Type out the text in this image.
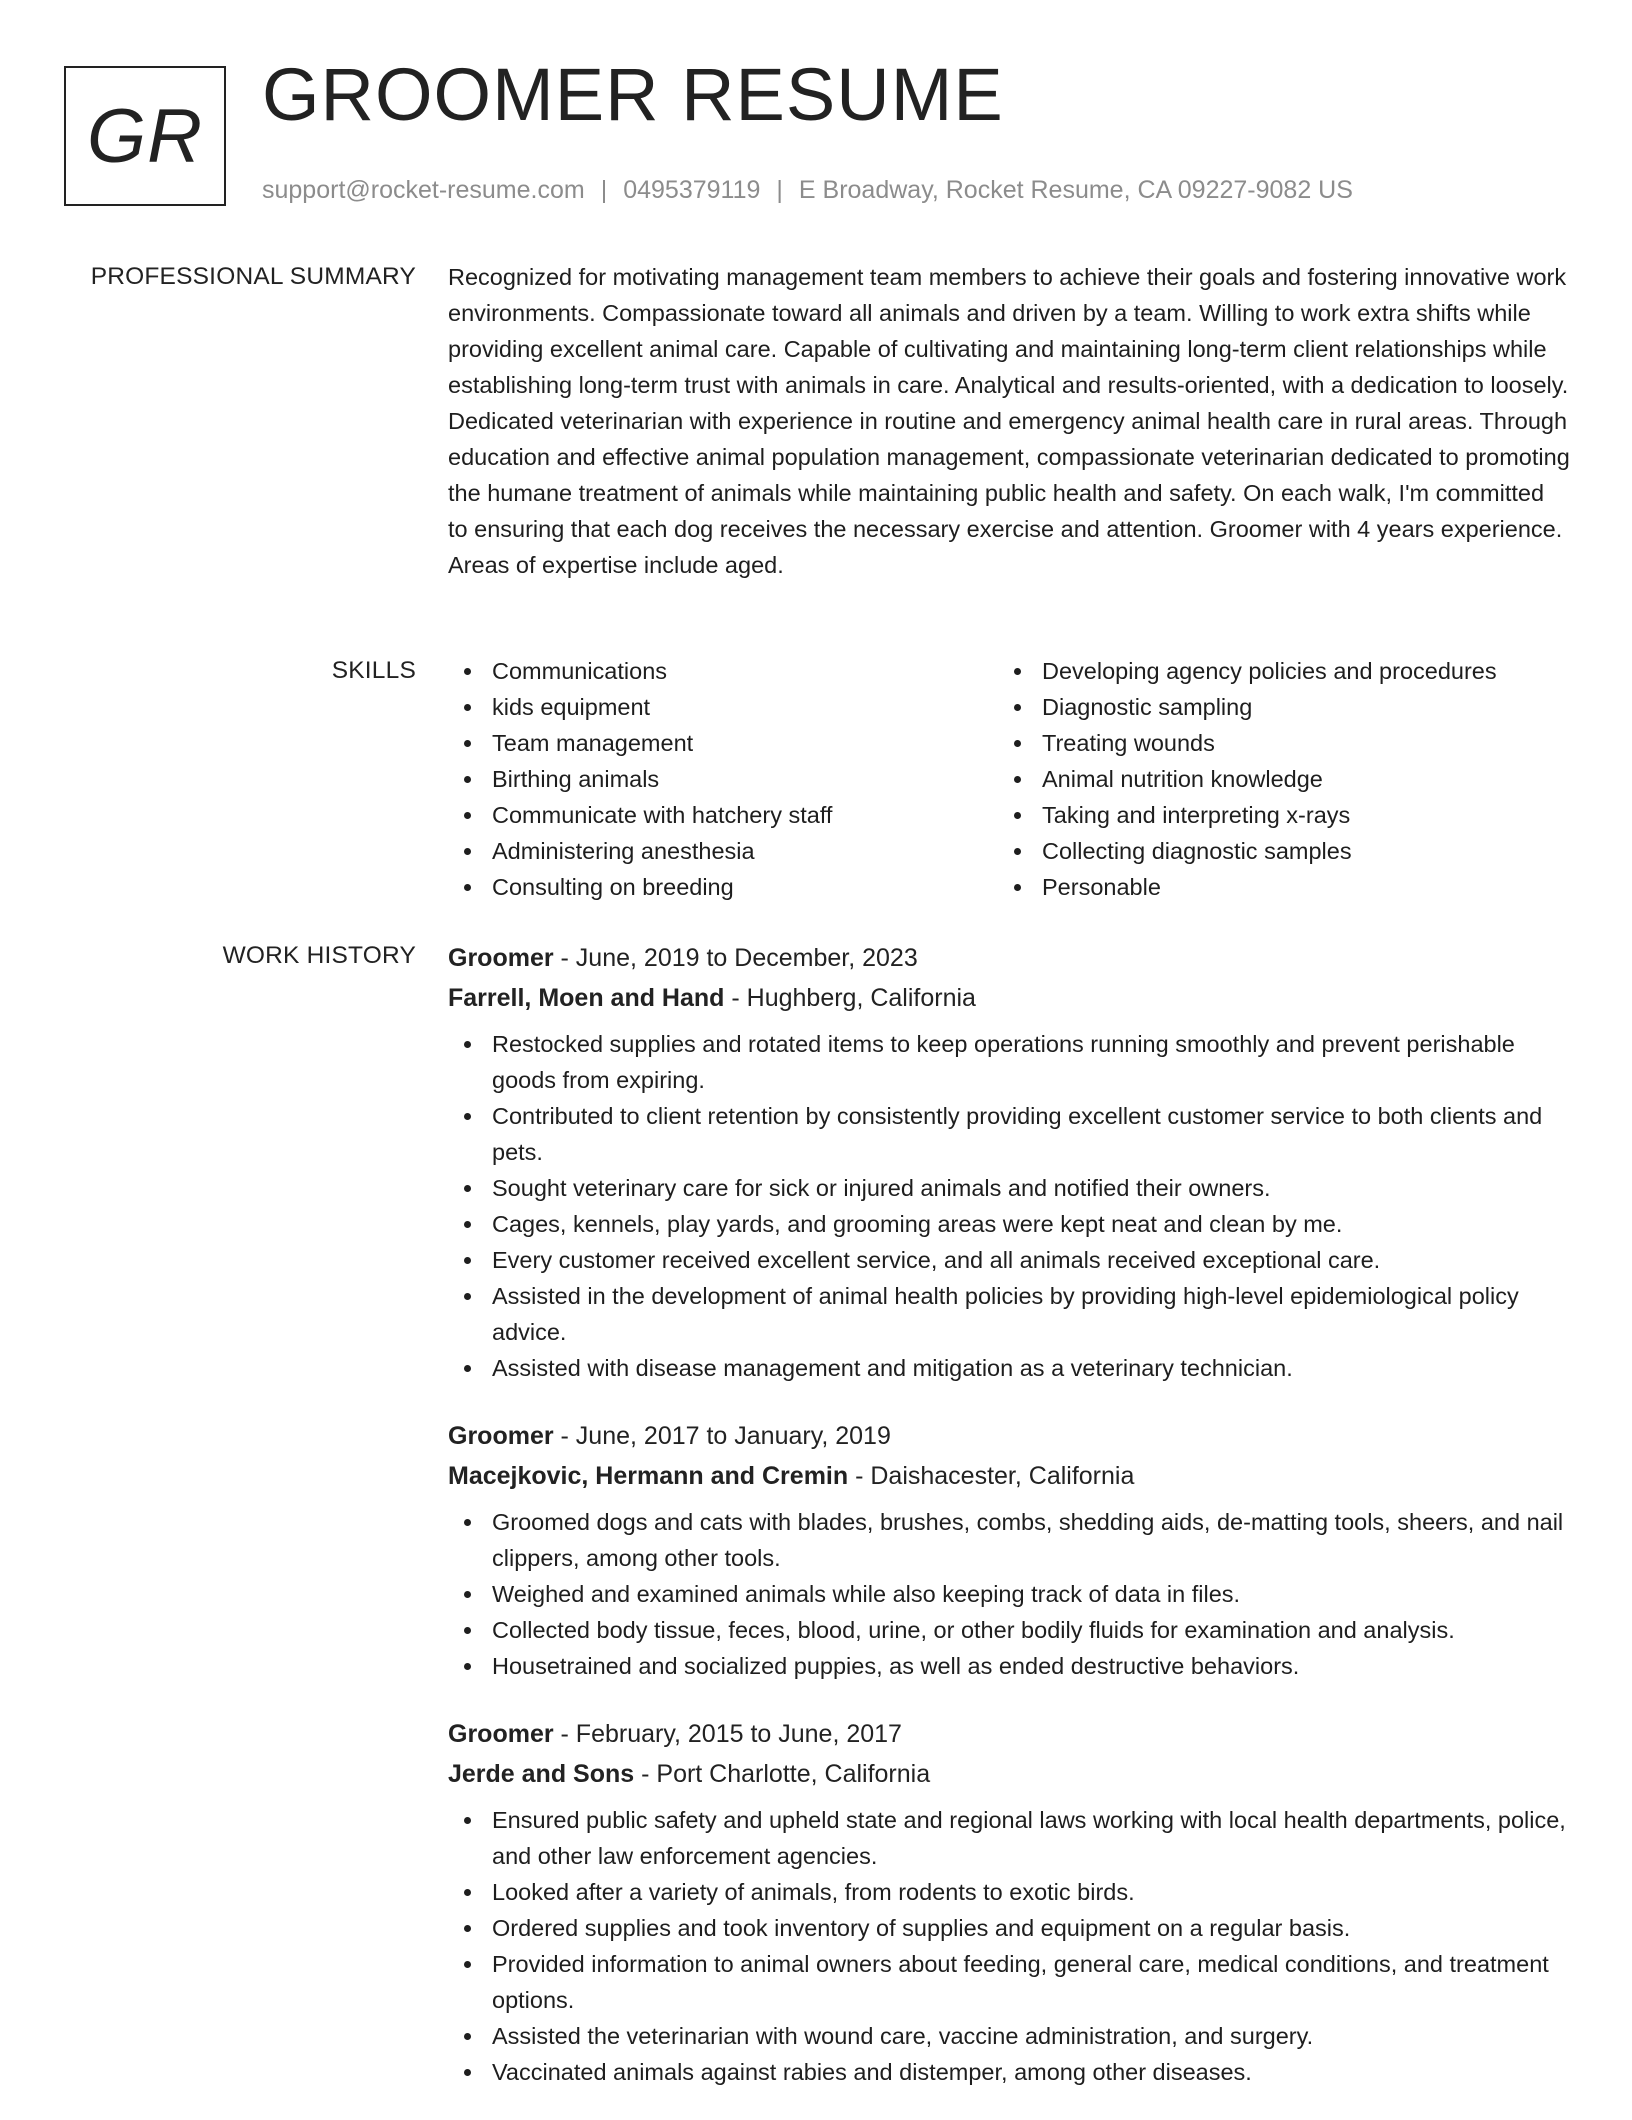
GR GROOMER RESUME
support@rocket-resume.com | 0495379119 | E Broadway, Rocket Resume, CA 09227-9082 US
PROFESSIONAL SUMMARY Recognized for motivating management team members to achieve their goals and fostering innovative work environments. Compassionate toward all animals and driven by a team. Willing to work extra shifts while providing excellent animal care. Capable of cultivating and maintaining long-term client relationships while establishing long-term trust with animals in care. Analytical and results-oriented, with a dedication to loosely. Dedicated veterinarian with experience in routine and emergency animal health care in rural areas. Through education and effective animal population management, compassionate veterinarian dedicated to promoting the humane treatment of animals while maintaining public health and safety. On each walk, I'm committed to ensuring that each dog receives the necessary exercise and attention. Groomer with 4 years experience. Areas of expertise include aged.

SKILLS	Communications
kids equipment
Team management
Birthing animals
Communicate with hatchery staff
Administering anesthesia
Consulting on breeding
Developing agency policies and procedures
Diagnostic sampling
Treating wounds
Animal nutrition knowledge
Taking and interpreting x-rays
Collecting diagnostic samples
Personable
WORK HISTORY Groomer - June, 2019 to December, 2023
Farrell, Moen and Hand - Hughberg, California
Restocked supplies and rotated items to keep operations running smoothly and prevent perishable goods from expiring.
Contributed to client retention by consistently providing excellent customer service to both clients and pets.
Sought veterinary care for sick or injured animals and notified their owners.
Cages, kennels, play yards, and grooming areas were kept neat and clean by me.
Every customer received excellent service, and all animals received exceptional care.
Assisted in the development of animal health policies by providing high-level epidemiological policy advice.
Assisted with disease management and mitigation as a veterinary technician.
Groomer - June, 2017 to January, 2019
Macejkovic, Hermann and Cremin - Daishacester, California
Groomed dogs and cats with blades, brushes, combs, shedding aids, de-matting tools, sheers, and nail clippers, among other tools.
Weighed and examined animals while also keeping track of data in files.
Collected body tissue, feces, blood, urine, or other bodily fluids for examination and analysis.
Housetrained and socialized puppies, as well as ended destructive behaviors.
Groomer - February, 2015 to June, 2017
Jerde and Sons - Port Charlotte, California
Ensured public safety and upheld state and regional laws working with local health departments, police, and other law enforcement agencies.
Looked after a variety of animals, from rodents to exotic birds.
Ordered supplies and took inventory of supplies and equipment on a regular basis.
Provided information to animal owners about feeding, general care, medical conditions, and treatment options.
Assisted the veterinarian with wound care, vaccine administration, and surgery.
Vaccinated animals against rabies and distemper, among other diseases.
